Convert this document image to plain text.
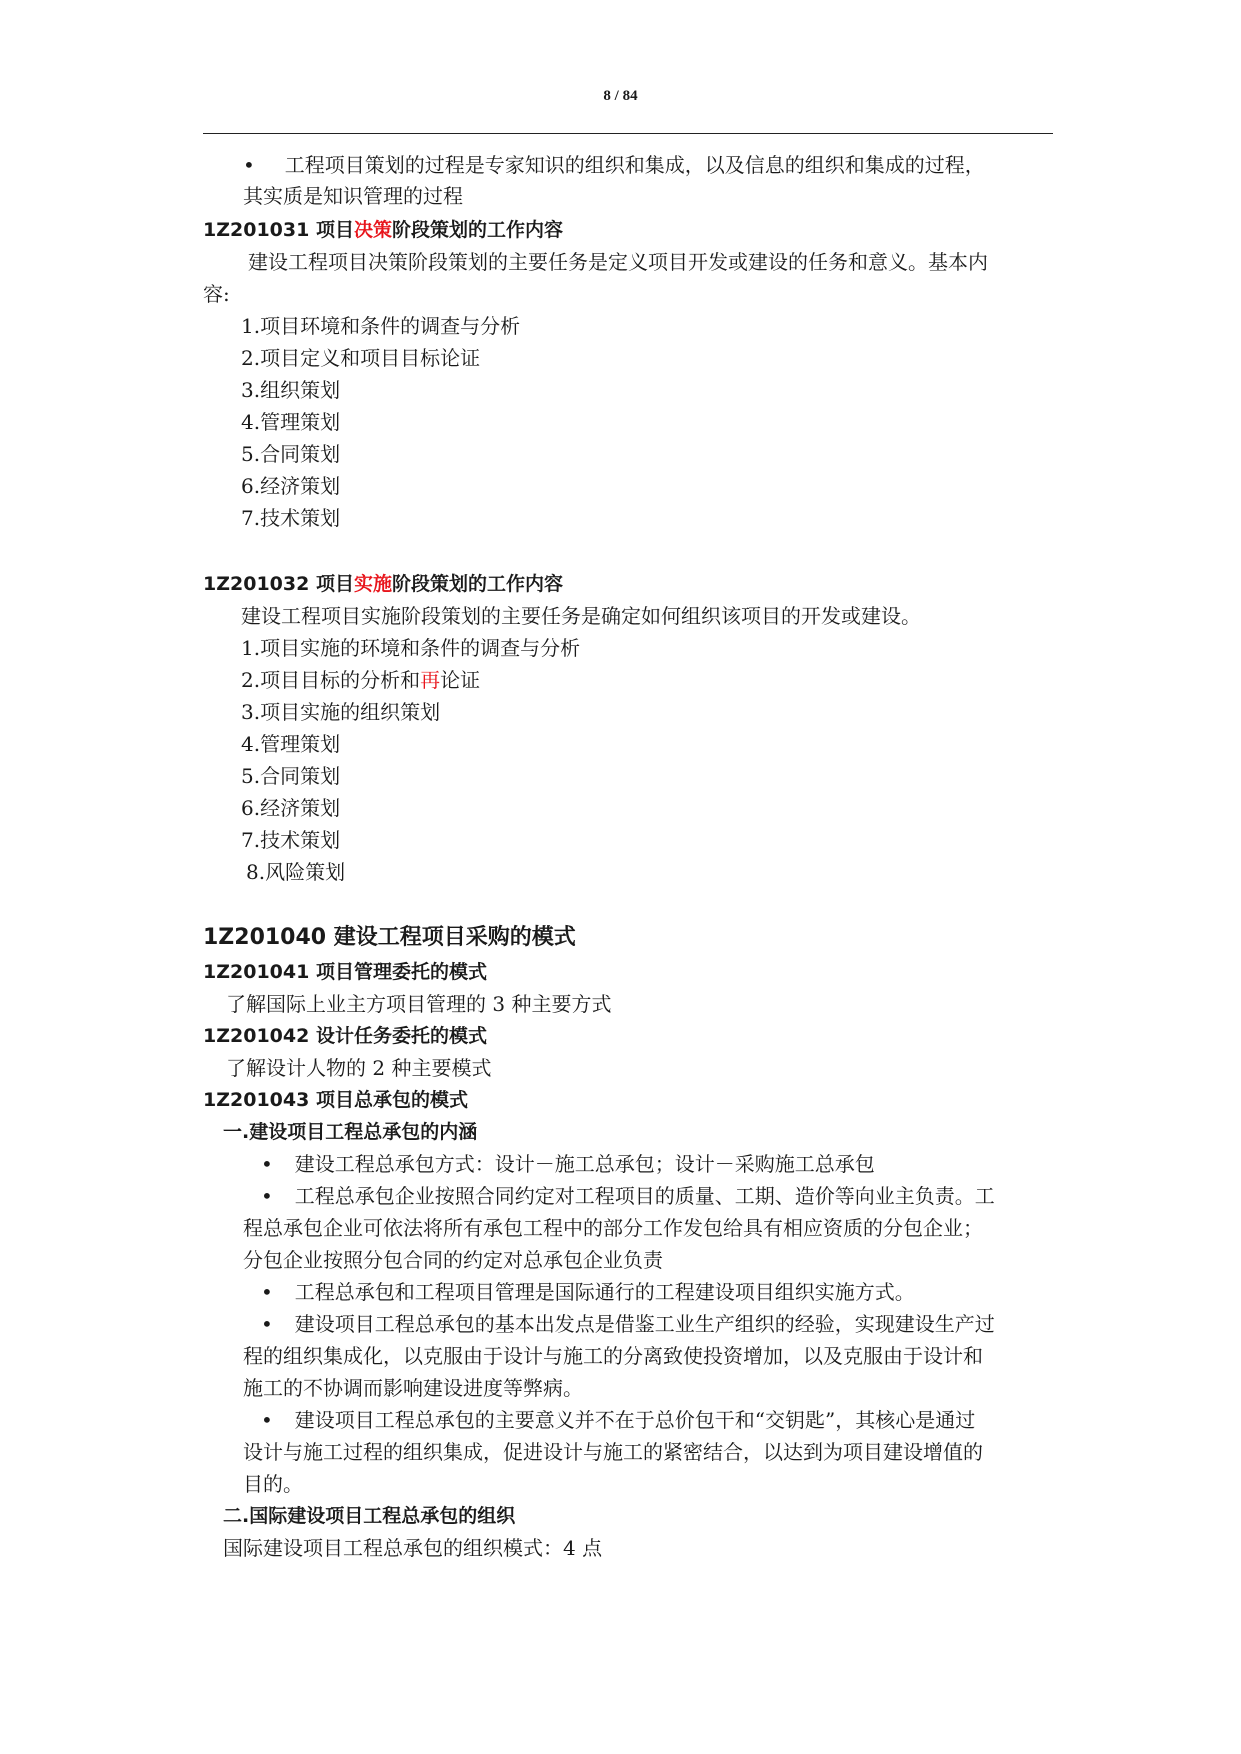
8 / 84
• 工程项目策划的过程是专家知识的组织和集成，以及信息的组织和集成的过程，
其实质是知识管理的过程
1Z201031 项目决策阶段策划的工作内容
建设工程项目决策阶段策划的主要任务是定义项目开发或建设的任务和意义。基本内
容:
1.项目环境和条件的调查与分析
2.项目定义和项目目标论证
3.组织策划
4.管理策划
5.合同策划
6.经济策划
7.技术策划
1Z201032 项目实施阶段策划的工作内容
建设工程项目实施阶段策划的主要任务是确定如何组织该项目的开发或建设。
1.项目实施的环境和条件的调查与分析
2.项目目标的分析和再论证
3.项目实施的组织策划
4.管理策划
5.合同策划
6.经济策划
7.技术策划
8.风险策划
1Z201040 建设工程项目采购的模式
1Z201041 项目管理委托的模式
了解国际上业主方项目管理的 3 种主要方式
1Z201042 设计任务委托的模式
了解设计人物的 2 种主要模式
1Z201043 项目总承包的模式
一.建设项目工程总承包的内涵
• 建设工程总承包方式：设计－施工总承包；设计－采购施工总承包
• 工程总承包企业按照合同约定对工程项目的质量、工期、造价等向业主负责。工
程总承包企业可依法将所有承包工程中的部分工作发包给具有相应资质的分包企业；
分包企业按照分包合同的约定对总承包企业负责
• 工程总承包和工程项目管理是国际通行的工程建设项目组织实施方式。
• 建设项目工程总承包的基本出发点是借鉴工业生产组织的经验，实现建设生产过
程的组织集成化，以克服由于设计与施工的分离致使投资增加，以及克服由于设计和
施工的不协调而影响建设进度等弊病。
• 建设项目工程总承包的主要意义并不在于总价包干和“交钥匙”，其核心是通过
设计与施工过程的组织集成，促进设计与施工的紧密结合，以达到为项目建设增值的
目的。
二.国际建设项目工程总承包的组织
国际建设项目工程总承包的组织模式：4 点
